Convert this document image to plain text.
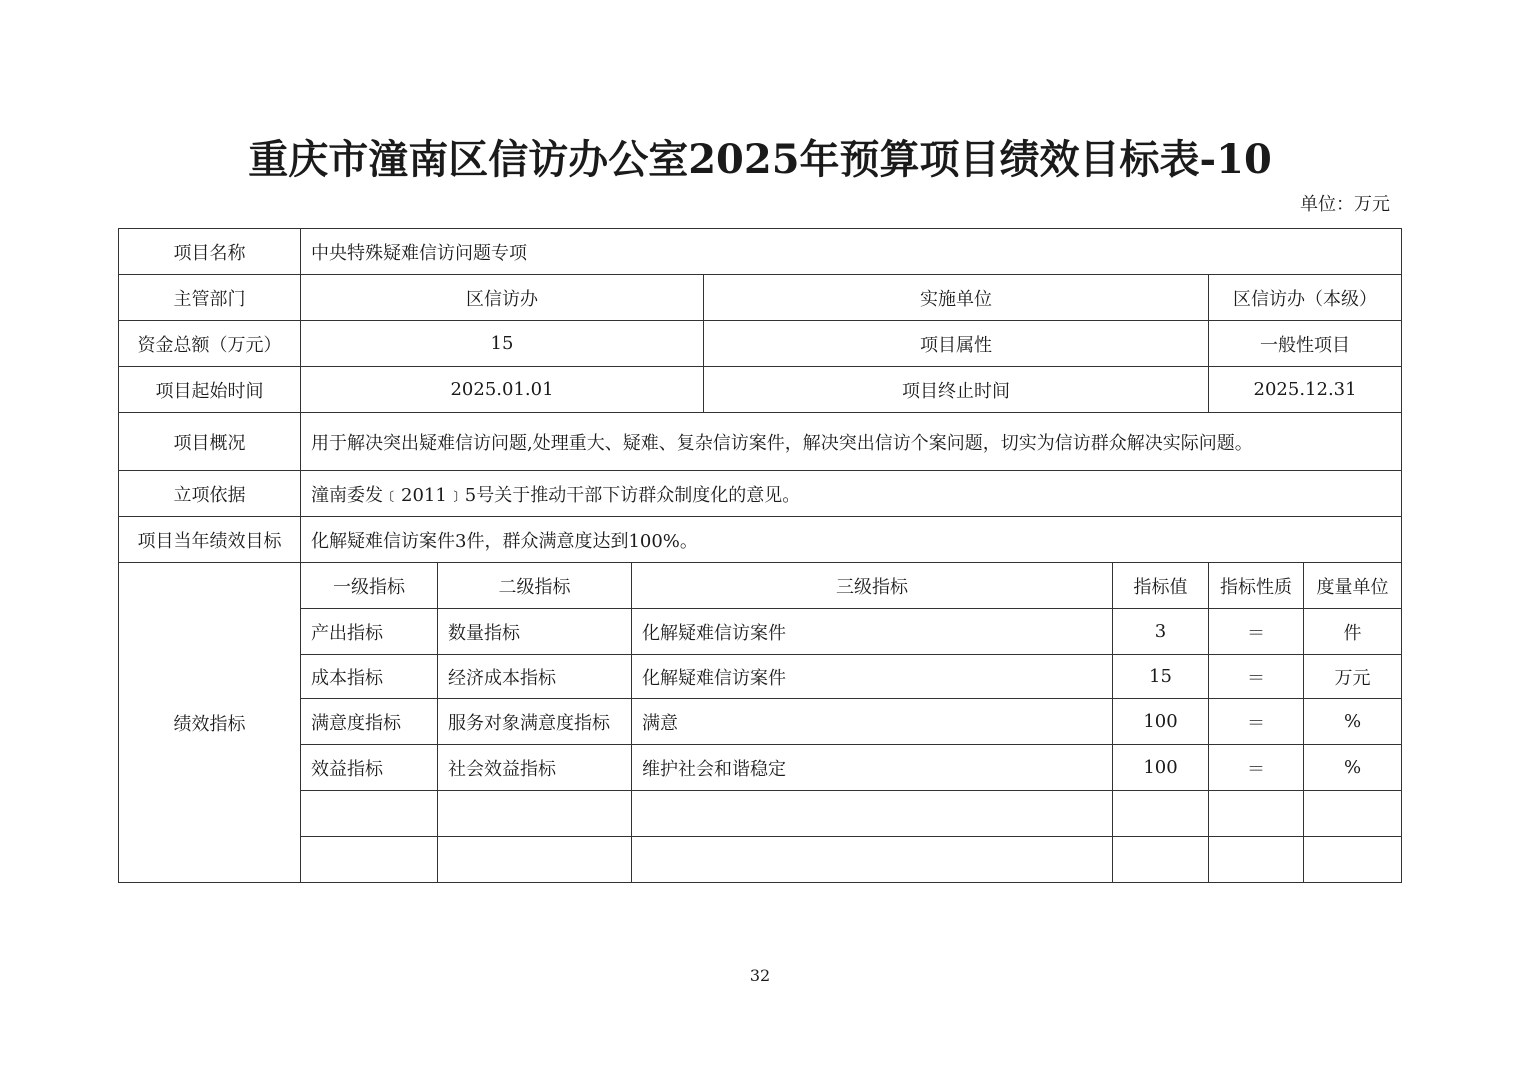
重庆市潼南区信访办公室2025年预算项目绩效目标表-10
单位：万元
项目名称	中央特殊疑难信访问题专项						
主管部门	区信访办			实施单位		区信访办（本级）	
资金总额（万元）	15			项目属性		一般性项目	
项目起始时间	2025.01.01			项目终止时间		2025.12.31	
项目概况	用于解决突出疑难信访问题,处理重大、疑难、复杂信访案件，解决突出信访个案问题，切实为信访群众解决实际问题。						
立项依据	潼南委发﹝2011﹞5号关于推动干部下访群众制度化的意见。						
项目当年绩效目标	化解疑难信访案件3件，群众满意度达到100%。						
绩效指标	一级指标	二级指标	三级指标		指标值	指标性质	度量单位
	产出指标	数量指标	化解疑难信访案件		3	＝	件
	成本指标	经济成本指标	化解疑难信访案件		15	＝	万元
	满意度指标	服务对象满意度指标	满意		100	＝	%
	效益指标	社会效益指标	维护社会和谐稳定		100	＝	%

32
